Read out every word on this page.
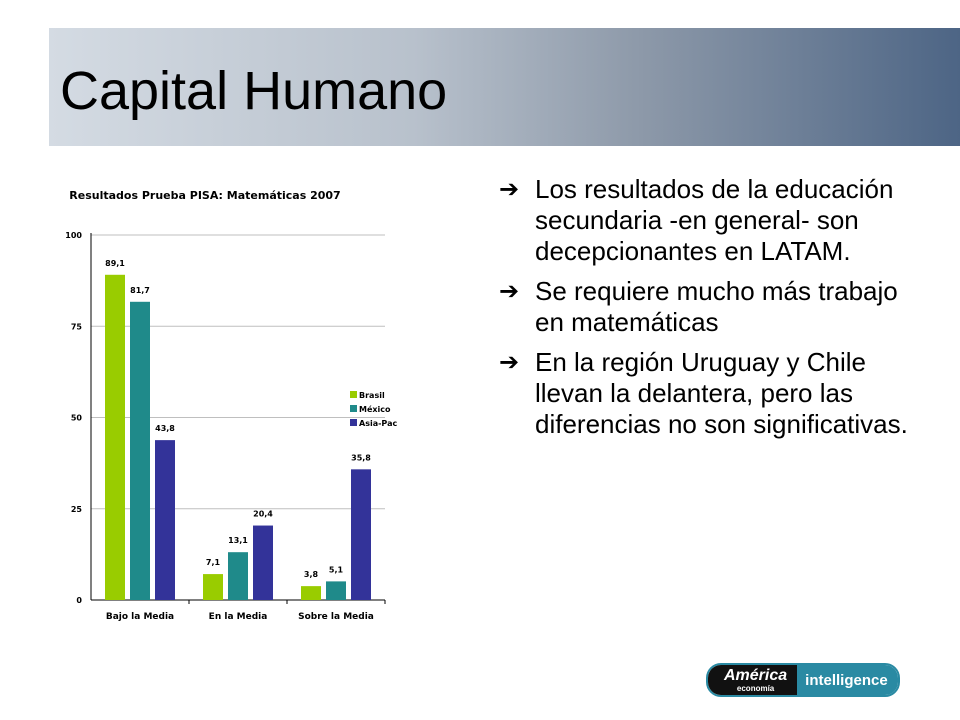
Capital Humano
Resultados Prueba PISA: Matemáticas 2007
0
25
50
75
100
89,1
81,7
43,8
Bajo la Media
7,1
13,1
20,4
En la Media
3,8
5,1
35,8
Sobre la Media
Brasil
México
Asia-Pac
➔ Los resultados de la educación secundaria -en general- son decepcionantes en LATAM.
➔ Se requiere mucho más trabajo en matemáticas
➔ En la región Uruguay y Chile llevan la delantera, pero las diferencias no son significativas.
América
economía	intelligence
